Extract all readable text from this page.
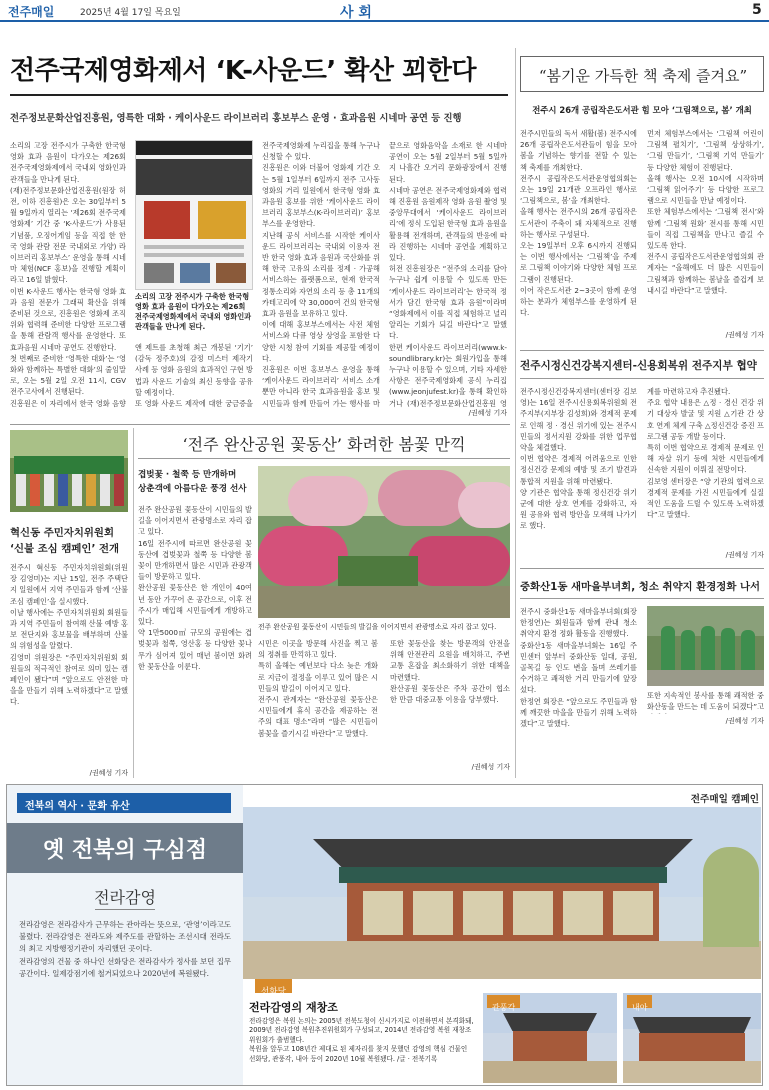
전주매일	2025년 4월 17일 목요일	사 회	5
전주국제영화제서 ‘K-사운드’ 확산 꾀한다
전주정보문화산업진흥원, 영특한 대화 · 케이사운드 라이브러리 홍보부스 운영 · 효과음원 시네마 공연 등 진행
소리의 고장 전주시가 구축한 한국형 영화 효과 음원이 다가오는 제26회 전주국제영화제에서 국내외 영화인과 관객들을 만나게 된다.
(재)전주정보문화산업진흥원(원장 허전, 이하 진흥원)은 오는 30일부터 5월 9일까지 열리는 ‘제26회 전주국제영화제’ 기간 중 ‘K-사운드’가 사용된 기념품, 오징어게임 등을 직접 한 한국 영화 관람 전문 국내외로 가양) 라이브러리 홍보부스’ 운영을 통해 시네마 체험(NCF 홍보)을 진행할 계획이라고 16일 밝혔다.
이번 K-사운드 행사는 한국형 영화 효과 음원 전문가 그래픽 확산을 위해 준비된 것으로, 진흥원은 영화제 조직위와 협력해 준비한 다양한 프로그램을 통해 관람객 행사를 운영한다. 또 효과음원 시네마 공연도 진행한다.
첫 번째로 준비한 ‘영특한 대화’는 ‘영화와 함께하는 특별한 대화’의 줄임말로, 오는 5월 2일 오전 11시, CGV 전주고사에서 진행된다.
진흥원은 이 자리에서 한국 영화 음향
소리의 고장 전주시가 구축한 한국형 영화 효과 음원이 다가오는 제26회 전주국제영화제에서 국내외 영화인과 관객들을 만나게 된다.
앤 제트를 초청해 최근 개봉된 ‘기기’ (감독 정주호)의 감정 미스터 제작기 사례 등 영화 음원의 효과적인 구현 방법과 사운드 기술의 최신 동향을 공유할 예정이다.
또 영화 사운드 제작에 대한 궁금증을
전주국제영화제 누리집을 통해 누구나 신청할 수 있다.
진흥원은 이와 더불어 영화제 기간 오는 5월 1일부터 6일까지 전주 고사동 영화의 거리 일원에서 한국형 영화 효과음원 홍보를 위한 ‘케이사운드 라이브러리 홍보부스(K-라이브러리)’ 홍보부스를 운영한다.
지난해 공식 서비스를 시작한 케이사운드 라이브러리는 국내외 이용자 전반 한국 영화 효과 음원과 국산화를 위해 한국 고유의 소리를 정제 · 가공해 서비스하는 플랫폼으로, 현재 한국적 정통소리와 자연의 소리 등 총 11개의 카테고리에 약 30,000여 건의 한국형 효과 음원을 보유하고 있다.
이에 대해 홍보부스에서는 사전 체험 서비스와 다큐 영상 상영을 포함한 다양한 시청 참여 기회를 제공할 예정이다.
진흥원은 이번 홍보부스 운영을 통해 ‘케이사운드 라이브러리’ 서비스 소개 뿐만 아니라 한국 효과음원을 홍보 및 시민들과 함께 만들어 가는 행사를 마
끝으로 영화음악을 소재로 한 시네마 공연이 오는 5월 2일부터 5월 5일까지 나흘간 오거리 문화광장에서 진행된다.
시네마 공연은 전주국제영화제와 협력해 진흥원 음원제작 영화 음원 촬영 및 중앙무대에서 ‘케이사운드 라이브러리’에 정식 도입된 한국형 효과 음원을 활용해 전개하며, 관객들의 반응에 따라 진행하는 시네마 공연을 계획하고 있다.
허전 진흥원장은 “전주의 소리를 담아 누구나 쉽게 이용할 수 있도록 만든 ‘케이사운드 라이브러리’는 한국적 정서가 담긴 한국형 효과 음원”이라며 “영화제에서 이를 직접 체험하고 널리 알리는 기회가 되길 바란다”고 말했다.
한편 케이사운드 라이브러리(www.k-soundlibrary.kr)는 회원가입을 통해 누구나 이용할 수 있으며, 기타 자세한 사항은 전주국제영화제 공식 누리집(www.jeonjufest.kr)을 통해 확인하거나 (재)전주정보문화산업진흥원 영
/권혜성 기자
“봄기운 가득한 책 축제 즐겨요”
전주시 26개 공립작은도서관 힘 모아 ‘그림책으로, 봄’ 개최
전주시민들의 독서 새활(봄) 전주시에 26개 공립작은도서관들이 힘을 모아 봄을 기념하는 향기를 전할 수 있는 책 축제를 개최한다.
전주시 공립작은도서관운영협의회는 오는 19일 21개관 오프라인 행사로 ‘그림책으로, 봄’을 개최한다.
올해 행사는 전주시의 26개 공립작은도서관이 주축이 돼 자체적으로 진행하는 행사로 구성된다.
오는 19일부터 오후 6시까지 진행되는 이번 행사에서는 ‘그림책’을 주제로 그림책 이야기와 다양한 체험 프로그램이 진행된다.
이어 작은도서관 2~3곳이 함께 운영하는 분과가 체험부스를 운영하게 된다.
먼저 체험부스에서는 ‘그림책 어린이 그림책 펼치기’, ‘그림책 상상하기’, ‘그림 만들기’, ‘그림책 기억 만들기’ 등 다양한 체험이 진행된다.
올해 행사는 오전 10시에 시작하며 ‘그림책 읽어주기’ 등 다양한 프로그램으로 시민들을 만날 예정이다.
또한 체험부스에서는 ‘그림책 전시’와 함께 ‘그림책 원화’ 전시를 통해 시민들이 직접 그림책을 만나고 즐길 수 있도록 한다.
전주시 공립작은도서관운영협의회 관계자는 “올해에도 더 많은 시민들이 그림책과 함께하는 봄날을 즐겁게 보내시길 바란다”고 말했다.
/권혜성 기자
전주시정신건강복지센터-신용회복위 전주지부 협약
전주시정신건강복지센터(센터장 김보영)는 16일 전주시신용회복위원회 전주지부(지부장 김성희)와 경제적 문제로 인해 정 · 경신 위기에 있는 전주시민들의 정서지원 강화를 위한 업무협약을 체결했다.
이번 협약은 경제적 어려움으로 인한 정신건강 문제의 예방 및 조기 발견과 통합적 지원을 위해 마련됐다.
양 기관은 협약을 통해 정신건강 위기군에 대한 상호 연계를 강화하고, 자원 공유와 협력 방안을 모색해 나가기로 했다.
계를 마련하고자 추진됐다.
주요 협약 내용은 △정 · 경신 건강 위기 대상자 발굴 및 지원 △기관 간 상호 연계 체계 구축 △정신건강 증진 프로그램 공동 개발 등이다.
특히 이번 협약으로 경제적 문제로 인해 자살 위기 등에 처한 시민들에게 신속한 지원이 이뤄질 전망이다.
김보영 센터장은 “양 기관의 협력으로 경제적 문제를 가진 시민들에게 실질적인 도움을 드릴 수 있도록 노력하겠다”고 말했다.
/권혜성 기자
중화산1동 새마을부녀회, 청소 취약지 환경정화 나서
전주시 중화산1동 새마을부녀회(회장 한정연)는 회원들과 함께 관내 청소 취약지 환경 정화 활동을 진행했다.
중화산1동 새마을부녀회는 16일 주민센터 앞부터 중화산동 일대, 공원, 골목길 등 인도 변을 돌며 쓰레기를 수거하고 쾌적한 거리 만들기에 앞장섰다.
한정연 회장은 “앞으로도 주민들과 함께 깨끗한 마을을 만들기 위해 노력하겠다”고 말했다.
또한 지속적인 봉사를 통해 쾌적한 중화산동을 만드는 데 도움이 되겠다”고
/권혜성 기자
혁신동 주민자치위원회
‘신불 조심 캠페인’ 전개
전주시 혁신동 주민자치위원회(위원장 김영미)는 지난 15일, 전주 주택단지 일원에서 지역 주민들과 함께 ‘산불 조심 캠페인’을 실시했다.
이날 행사에는 주민자치위원회 회원들과 지역 주민들이 참여해 산불 예방 홍보 전단지와 홍보물을 배부하며 산불의 위험성을 알렸다.
김영미 위원장은 “주민자치위원회 회원들의 적극적인 참여로 의미 있는 캠페인이 됐다”며 “앞으로도 안전한 마을을 만들기 위해 노력하겠다”고 말했다.
/권혜성 기자
‘전주 완산공원 꽃동산’ 화려한 봄꽃 만끽
겹벚꽃 · 철쭉 등 만개하며
상춘객에 아름다운 풍경 선사
전주 완산공원 꽃동산이 시민들의 발길을 이어지면서 관광명소로 자리 잡고 있다.
16일 전주시에 따르면 완산공원 꽃동산에 겹벚꽃과 철쭉 등 다양한 봄꽃이 만개하면서 많은 시민과 관광객들이 방문하고 있다.
완산공원 꽃동산은 한 개인이 40여 년 동안 가꾸어 온 공간으로, 이후 전주시가 매입해 시민들에게 개방하고 있다.
약 1만5000㎡ 규모의 공원에는 겹벚꽃과 철쭉, 영산홍 등 다양한 꽃나무가 심어져 있어 매년 봄이면 화려한 꽃동산을 이룬다.
전주 완산공원 꽃동산이 시민들의 발길을 이어지면서 관광명소로 자리 잡고 있다.
시민은 이곳을 방문해 사진을 찍고 봄의 정취를 만끽하고 있다.
특히 올해는 예년보다 다소 늦은 개화로 지금이 절정을 이루고 있어 많은 시민들의 발길이 이어지고 있다.
전주시 관계자는 “완산공원 꽃동산은 시민들에게 휴식 공간을 제공하는 전주의 대표 명소”라며 “많은 시민들이 봄꽃을 즐기시길 바란다”고 말했다.
또한 꽃동산을 찾는 방문객의 안전을 위해 안전관리 요원을 배치하고, 주변 교통 혼잡을 최소화하기 위한 대책을 마련했다.
완산공원 꽃동산은 주차 공간이 협소한 만큼 대중교통 이용을 당부했다.
/권혜성 기자
전북의 역사 · 문화 유산
옛 전북의 구심점
전라감영
전라감영은 전라감사가 근무하는 관아라는 뜻으로, ‘관영’이라고도 불렸다. 전라감영은 전라도와 제주도를 관할하는 조선시대 전라도의 최고 지방행정기관이 자리했던 곳이다.
전라감영의 건물 중 하나인 선화당은 전라감사가 정사를 보던 집무공간이다. 일제강점기에 철거되었으나 2020년에 복원됐다.
전주매일 캠페인
선화당
전라감영의 재창조
전라감영은 복원 논의는 2005년 전북도청이 신시가지로 이전하면서 본격화돼, 2009년 전라감영 복원추진위원회가 구성되고, 2014년 전라감영 복원 재창조위원회가 출범했다.
복원을 앞두고 108년간 제대로 된 제자리를 찾지 못했던 감영의 핵심 건물인 선화당, 관풍각, 내아 등이 2020년 10월 복원됐다. /글 · 전북기록
관풍각	내아
